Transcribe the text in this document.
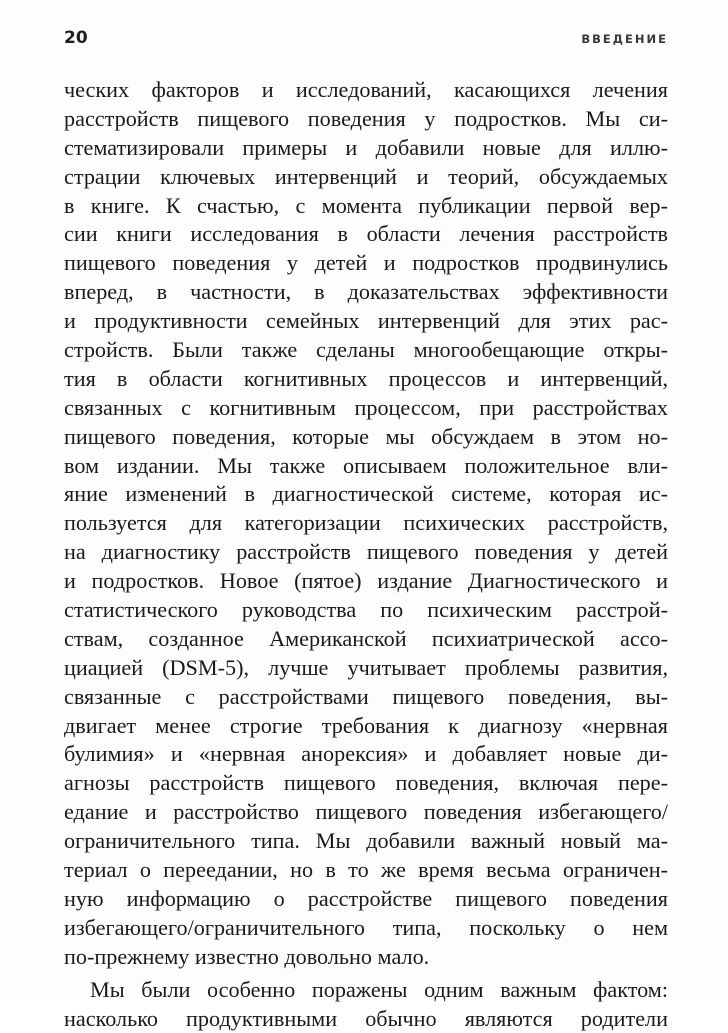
20	ВВЕДЕНИЕ
ческих факторов и исследований, касающихся лечения
расстройств пищевого поведения у подростков. Мы си-
стематизировали примеры и добавили новые для иллю-
страции ключевых интервенций и теорий, обсуждаемых
в книге. К счастью, с момента публикации первой вер-
сии книги исследования в области лечения расстройств
пищевого поведения у детей и подростков продвинулись
вперед, в частности, в доказательствах эффективности
и продуктивности семейных интервенций для этих рас-
стройств. Были также сделаны многообещающие откры-
тия в области когнитивных процессов и интервенций,
связанных с когнитивным процессом, при расстройствах
пищевого поведения, которые мы обсуждаем в этом но-
вом издании. Мы также описываем положительное вли-
яние изменений в диагностической системе, которая ис-
пользуется для категоризации психических расстройств,
на диагностику расстройств пищевого поведения у детей
и подростков. Новое (пятое) издание Диагностического и
статистического руководства по психическим расстрой-
ствам, созданное Американской психиатрической ассо-
циацией (DSM-5), лучше учитывает проблемы развития,
связанные с расстройствами пищевого поведения, вы-
двигает менее строгие требования к диагнозу «нервная
булимия» и «нервная анорексия» и добавляет новые ди-
агнозы расстройств пищевого поведения, включая пере-
едание и расстройство пищевого поведения избегающего/
ограничительного типа. Мы добавили важный новый ма-
териал о переедании, но в то же время весьма ограничен-
ную информацию о расстройстве пищевого поведения
избегающего/ограничительного типа, поскольку о нем
по-прежнему известно довольно мало.
Мы были особенно поражены одним важным фактом:
насколько продуктивными обычно являются родители
